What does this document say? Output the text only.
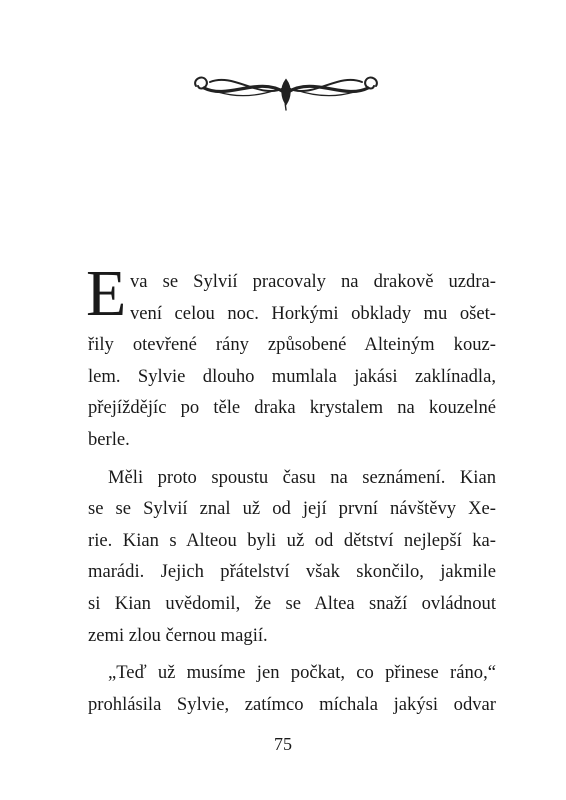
E va se Sylvií pracovaly na drakově uzdra-
vení celou noc. Horkými obklady mu ošet-
řily otevřené rány způsobené Alteiným kouz-
lem. Sylvie dlouho mumlala jakási zaklínadla,
přejíždějíc po těle draka krystalem na kouzelné
berle.
Měli proto spoustu času na seznámení. Kian
se se Sylvií znal už od její první návštěvy Xe-
rie. Kian s Alteou byli už od dětství nejlepší ka-
marádi. Jejich přátelství však skončilo, jakmile
si Kian uvědomil, že se Altea snaží ovládnout
zemi zlou černou magií.
„Teď už musíme jen počkat, co přinese ráno,“
prohlásila Sylvie, zatímco míchala jakýsi odvar
75
